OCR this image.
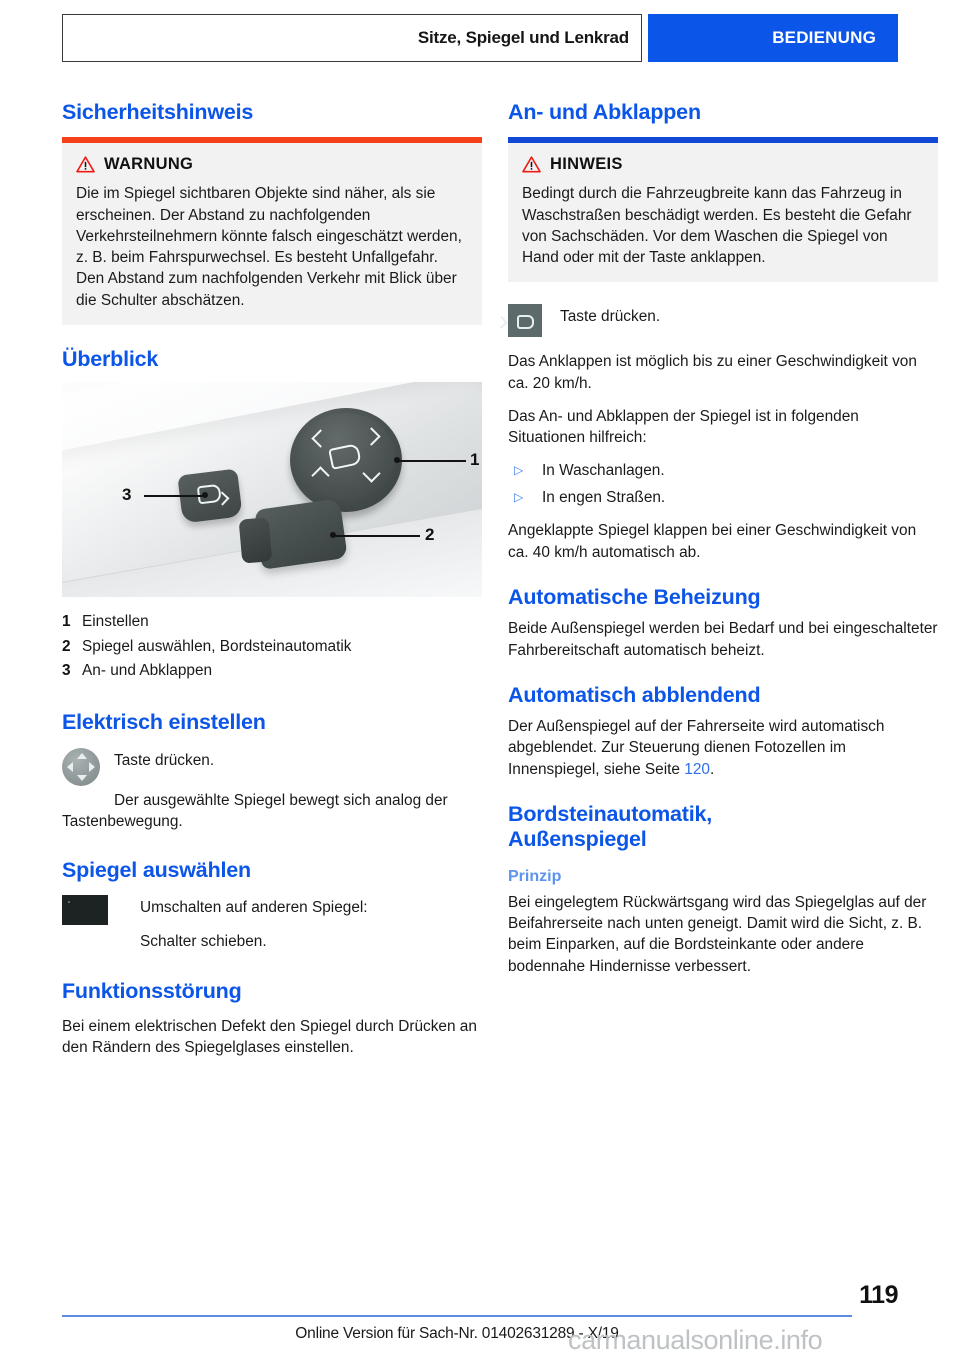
Sitze, Spiegel und Lenkrad	BEDIENUNG
Sicherheitshinweis
WARNUNG

Die im Spiegel sichtbaren Objekte sind näher, als sie erscheinen. Der Abstand zu nachfolgenden Verkehrsteilnehmern könnte falsch eingeschätzt werden, z. B. beim Fahrspurwechsel. Es besteht Unfallgefahr. Den Abstand zum nachfolgenden Verkehr mit Blick über die Schulter abschätzen.

Überblick
1
2
3
1 Einstellen
2 Spiegel auswählen, Bordsteinautomatik
3 An- und Abklappen
Elektrisch einstellen
Taste drücken.

Der ausgewählte Spiegel bewegt sich analog der Tastenbewegung.

Spiegel auswählen
Umschalten auf anderen Spiegel:

Schalter schieben.

Funktionsstörung

Bei einem elektrischen Defekt den Spiegel durch Drücken an den Rändern des Spiegelglases einstellen.

An- und Abklappen
HINWEIS

Bedingt durch die Fahrzeugbreite kann das Fahrzeug in Waschstraßen beschädigt werden. Es besteht die Gefahr von Sachschäden. Vor dem Waschen die Spiegel von Hand oder mit der Taste anklappen.

Taste drücken.

Das Anklappen ist möglich bis zu einer Geschwindigkeit von ca. 20 km/h.

Das An- und Abklappen der Spiegel ist in folgenden Situationen hilfreich:

▷	In Waschanlagen.
▷	In engen Straßen.

Angeklappte Spiegel klappen bei einer Geschwindigkeit von ca. 40 km/h automatisch ab.

Automatische Beheizung

Beide Außenspiegel werden bei Bedarf und bei eingeschalteter Fahrbereitschaft automatisch beheizt.

Automatisch abblendend

Der Außenspiegel auf der Fahrerseite wird automatisch abgeblendet. Zur Steuerung dienen Fotozellen im Innenspiegel, siehe Seite 120.

Bordsteinautomatik,
Außenspiegel
Prinzip

Bei eingelegtem Rückwärtsgang wird das Spiegelglas auf der Beifahrerseite nach unten geneigt. Damit wird die Sicht, z. B. beim Einparken, auf die Bordsteinkante oder andere bodennahe Hindernisse verbessert.

119
Online Version für Sach-Nr. 01402631289 - X/19
carmanualsonline.info
